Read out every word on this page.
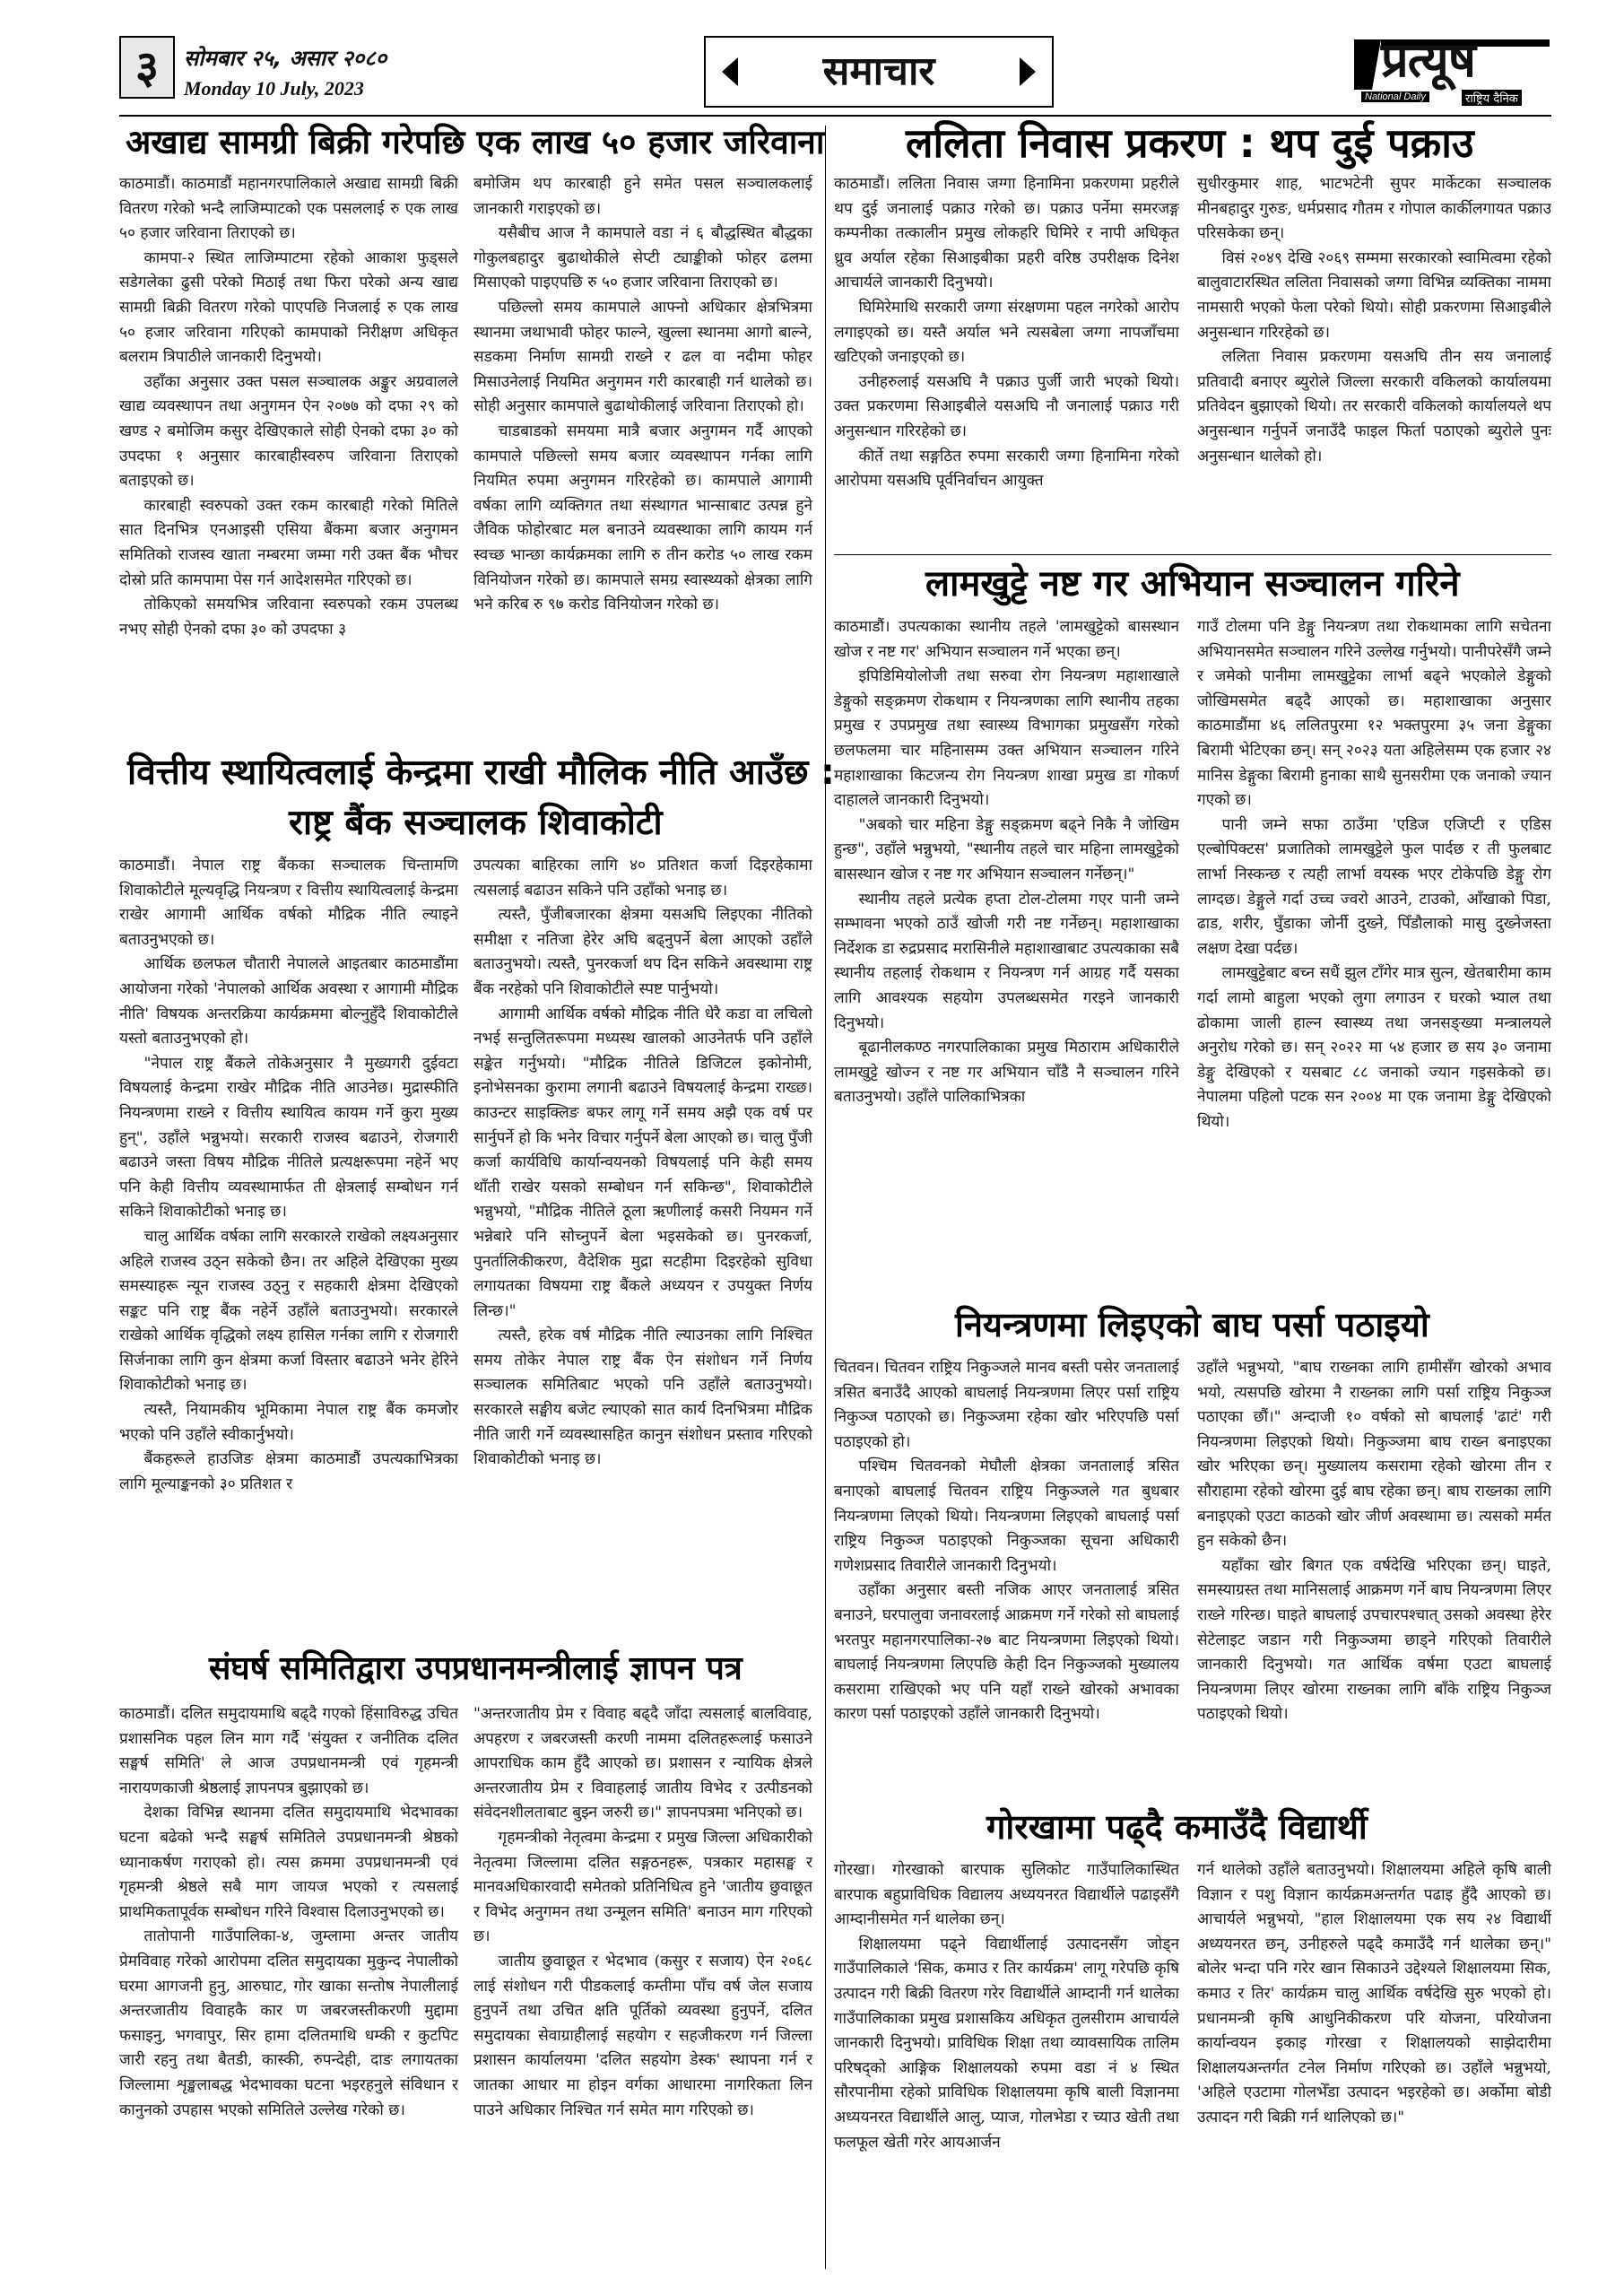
३ सोमबार २५, असार २०८०
Monday 10 July, 2023	समाचार	प्रत्यूष
National Daily	राष्ट्रिय दैनिक
अखाद्य सामग्री बिक्री गरेपछि एक लाख ५० हजार जरिवाना

काठमाडौं। काठमाडौं महानगरपालिकाले अखाद्य सामग्री बिक्री वितरण गरेको भन्दै लाजिम्पाटको एक पसललाई रु एक लाख ५० हजार जरिवाना तिराएको छ।

कामपा-२ स्थित लाजिम्पाटमा रहेको आकाश फुड्सले सडेगलेका ढुसी परेको मिठाई तथा फिरा परेको अन्य खाद्य सामग्री बिक्री वितरण गरेको पाएपछि निजलाई रु एक लाख ५० हजार जरिवाना गरिएको कामपाको निरीक्षण अधिकृत बलराम त्रिपाठीले जानकारी दिनुभयो।

उहाँका अनुसार उक्त पसल सञ्चालक अङ्कुर अग्रवालले खाद्य व्यवस्थापन तथा अनुगमन ऐन २०७७ को दफा २९ को खण्ड २ बमोजिम कसुर देखिएकाले सोही ऐनको दफा ३० को उपदफा १ अनुसार कारबाहीस्वरुप जरिवाना तिराएको बताइएको छ।

कारबाही स्वरुपको उक्त रकम कारबाही गरेको मितिले सात दिनभित्र एनआइसी एसिया बैंकमा बजार अनुगमन समितिको राजस्व खाता नम्बरमा जम्मा गरी उक्त बैंक भौचर दोस्रो प्रति कामपामा पेस गर्न आदेशसमेत गरिएको छ।

तोकिएको समयभित्र जरिवाना स्वरुपको रकम उपलब्ध नभए सोही ऐनको दफा ३० को उपदफा ३

बमोजिम थप कारबाही हुने समेत पसल सञ्चालकलाई जानकारी गराइएको छ।

यसैबीच आज नै कामपाले वडा नं ६ बौद्धस्थित बौद्धका गोकुलबहादुर बुढाथोकीले सेप्टी ट्याङ्कीको फोहर ढलमा मिसाएको पाइएपछि रु ५० हजार जरिवाना तिराएको छ।

पछिल्लो समय कामपाले आफ्नो अधिकार क्षेत्रभित्रमा स्थानमा जथाभावी फोहर फाल्ने, खुल्ला स्थानमा आगो बाल्ने, सडकमा निर्माण सामग्री राख्ने र ढल वा नदीमा फोहर मिसाउनेलाई नियमित अनुगमन गरी कारबाही गर्न थालेको छ। सोही अनुसार कामपाले बुढाथोकीलाई जरिवाना तिराएको हो।

चाडबाडको समयमा मात्रै बजार अनुगमन गर्दै आएको कामपाले पछिल्लो समय बजार व्यवस्थापन गर्नका लागि नियमित रुपमा अनुगमन गरिरहेको छ। कामपाले आगामी वर्षका लागि व्यक्तिगत तथा संस्थागत भान्साबाट उत्पन्न हुने जैविक फोहोरबाट मल बनाउने व्यवस्थाका लागि कायम गर्न स्वच्छ भान्छा कार्यक्रमका लागि रु तीन करोड ५० लाख रकम विनियोजन गरेको छ। कामपाले समग्र स्वास्थ्यको क्षेत्रका लागि भने करिब रु ९७ करोड विनियोजन गरेको छ।

ललिता निवास प्रकरण : थप दुई पक्राउ

काठमाडौं। ललिता निवास जग्गा हिनामिना प्रकरणमा प्रहरीले थप दुई जनालाई पक्राउ गरेको छ। पक्राउ पर्नेमा समरजङ्ग कम्पनीका तत्कालीन प्रमुख लोकहरि घिमिरे र नापी अधिकृत ध्रुव अर्याल रहेका सिआइबीका प्रहरी वरिष्ठ उपरीक्षक दिनेश आचार्यले जानकारी दिनुभयो।

घिमिरेमाथि सरकारी जग्गा संरक्षणमा पहल नगरेको आरोप लगाइएको छ। यस्तै अर्याल भने त्यसबेला जग्गा नापजाँचमा खटिएको जनाइएको छ।

उनीहरुलाई यसअघि नै पक्राउ पुर्जी जारी भएको थियो। उक्त प्रकरणमा सिआइबीले यसअघि नौ जनालाई पक्राउ गरी अनुसन्धान गरिरहेको छ।

कीर्ते तथा सङ्गठित रुपमा सरकारी जग्गा हिनामिना गरेको आरोपमा यसअघि पूर्वनिर्वाचन आयुक्त

सुधीरकुमार शाह, भाटभटेनी सुपर मार्केटका सञ्चालक मीनबहादुर गुरुङ, धर्मप्रसाद गौतम र गोपाल कार्कीलगायत पक्राउ परिसकेका छन्।

विसं २०४९ देखि २०६९ सम्ममा सरकारको स्वामित्वमा रहेको बालुवाटारस्थित ललिता निवासको जग्गा विभिन्न व्यक्तिका नाममा नामसारी भएको फेला परेको थियो। सोही प्रकरणमा सिआइबीले अनुसन्धान गरिरहेको छ।

ललिता निवास प्रकरणमा यसअघि तीन सय जनालाई प्रतिवादी बनाएर ब्युरोले जिल्ला सरकारी वकिलको कार्यालयमा प्रतिवेदन बुझाएको थियो। तर सरकारी वकिलको कार्यालयले थप अनुसन्धान गर्नुपर्ने जनाउँदै फाइल फिर्ता पठाएको ब्युरोले पुनः अनुसन्धान थालेको हो।

लामखुट्टे नष्ट गर अभियान सञ्चालन गरिने

काठमाडौं। उपत्यकाका स्थानीय तहले 'लामखुट्टेको बासस्थान खोज र नष्ट गर' अभियान सञ्चालन गर्ने भएका छन्।

इपिडिमियोलोजी तथा सरुवा रोग नियन्त्रण महाशाखाले डेङ्गुको सङ्क्रमण रोकथाम र नियन्त्रणका लागि स्थानीय तहका प्रमुख र उपप्रमुख तथा स्वास्थ्य विभागका प्रमुखसँग गरेको छलफलमा चार महिनासम्म उक्त अभियान सञ्चालन गरिने महाशाखाका किटजन्य रोग नियन्त्रण शाखा प्रमुख डा गोकर्ण दाहालले जानकारी दिनुभयो।

"अबको चार महिना डेङ्गु सङ्क्रमण बढ्ने निकै नै जोखिम हुन्छ", उहाँले भन्नुभयो, "स्थानीय तहले चार महिना लामखुट्टेको बासस्थान खोज र नष्ट गर अभियान सञ्चालन गर्नेछन्।"

स्थानीय तहले प्रत्येक हप्ता टोल-टोलमा गएर पानी जम्ने सम्भावना भएको ठाउँ खोजी गरी नष्ट गर्नेछन्। महाशाखाका निर्देशक डा रुद्रप्रसाद मरासिनीले महाशाखाबाट उपत्यकाका सबै स्थानीय तहलाई रोकथाम र नियन्त्रण गर्न आग्रह गर्दै यसका लागि आवश्यक सहयोग उपलब्धसमेत गरइने जानकारी दिनुभयो।

बूढानीलकण्ठ नगरपालिकाका प्रमुख मिठाराम अधिकारीले लामखुट्टे खोज्न र नष्ट गर अभियान चाँडै नै सञ्चालन गरिने बताउनुभयो। उहाँले पालिकाभित्रका

गाउँ टोलमा पनि डेङ्गु नियन्त्रण तथा रोकथामका लागि सचेतना अभियानसमेत सञ्चालन गरिने उल्लेख गर्नुभयो। पानीपरेसँगै जम्ने र जमेको पानीमा लामखुट्टेका लार्भा बढ्ने भएकोले डेङ्गुको जोखिमसमेत बढ्दै आएको छ। महाशाखाका अनुसार काठमाडौंमा ४६ ललितपुरमा १२ भक्तपुरमा ३५ जना डेङ्गुका बिरामी भेटिएका छन्। सन् २०२३ यता अहिलेसम्म एक हजार २४ मानिस डेङ्गुका बिरामी हुनाका साथै सुनसरीमा एक जनाको ज्यान गएको छ।

पानी जम्ने सफा ठाउँमा 'एडिज एजिप्टी र एडिस एल्बोपिक्टस' प्रजातिको लामखुट्टेले फुल पार्दछ र ती फुलबाट लार्भा निस्कन्छ र त्यही लार्भा वयस्क भएर टोकेपछि डेङ्गु रोग लाग्दछ। डेङ्गुले गर्दा उच्च ज्वरो आउने, टाउको, आँखाको पिडा, ढाड, शरीर, घुँडाका जोर्नी दुख्ने, पिँडौलाको मासु दुख्नेजस्ता लक्षण देखा पर्दछ।

लामखुट्टेबाट बच्न सधैं झुल टाँगेर मात्र सुत्न, खेतबारीमा काम गर्दा लामो बाहुला भएको लुगा लगाउन र घरको भ्याल तथा ढोकामा जाली हाल्न स्वास्थ्य तथा जनसङ्ख्या मन्त्रालयले अनुरोध गरेको छ। सन् २०२२ मा ५४ हजार छ सय ३० जनामा डेङ्गु देखिएको र यसबाट ८८ जनाको ज्यान गइसकेको छ। नेपालमा पहिलो पटक सन २००४ मा एक जनामा डेङ्गु देखिएको थियो।

वित्तीय स्थायित्वलाई केन्द्रमा राखी मौलिक नीति आउँछ :
राष्ट्र बैंक सञ्चालक शिवाकोटी

काठमाडौं। नेपाल राष्ट्र बैंकका सञ्चालक चिन्तामणि शिवाकोटीले मूल्यवृद्धि नियन्त्रण र वित्तीय स्थायित्वलाई केन्द्रमा राखेर आगामी आर्थिक वर्षको मौद्रिक नीति ल्याइने बताउनुभएको छ।

आर्थिक छलफल चौतारी नेपालले आइतबार काठमाडौंमा आयोजना गरेको 'नेपालको आर्थिक अवस्था र आगामी मौद्रिक नीति' विषयक अन्तरक्रिया कार्यक्रममा बोल्नुहुँदै शिवाकोटीले यस्तो बताउनुभएको हो।

"नेपाल राष्ट्र बैंकले तोकेअनुसार नै मुख्यगरी दुईवटा विषयलाई केन्द्रमा राखेर मौद्रिक नीति आउनेछ। मुद्रास्फीति नियन्त्रणमा राख्ने र वित्तीय स्थायित्व कायम गर्ने कुरा मुख्य हुन्", उहाँले भन्नुभयो। सरकारी राजस्व बढाउने, रोजगारी बढाउने जस्ता विषय मौद्रिक नीतिले प्रत्यक्षरूपमा नहेर्ने भए पनि केही वित्तीय व्यवस्थामार्फत ती क्षेत्रलाई सम्बोधन गर्न सकिने शिवाकोटीको भनाइ छ।

चालु आर्थिक वर्षका लागि सरकारले राखेको लक्ष्यअनुसार अहिले राजस्व उठ्न सकेको छैन। तर अहिले देखिएका मुख्य समस्याहरू न्यून राजस्व उठ्नु र सहकारी क्षेत्रमा देखिएको सङ्कट पनि राष्ट्र बैंक नहेर्ने उहाँले बताउनुभयो। सरकारले राखेको आर्थिक वृद्धिको लक्ष्य हासिल गर्नका लागि र रोजगारी सिर्जनाका लागि कुन क्षेत्रमा कर्जा विस्तार बढाउने भनेर हेरिने शिवाकोटीको भनाइ छ।

त्यस्तै, नियामकीय भूमिकामा नेपाल राष्ट्र बैंक कमजोर भएको पनि उहाँले स्वीकार्नुभयो।

बैंकहरूले हाउजिङ क्षेत्रमा काठमाडौं उपत्यकाभित्रका लागि मूल्याङ्कनको ३० प्रतिशत र

उपत्यका बाहिरका लागि ४० प्रतिशत कर्जा दिइरहेकामा त्यसलाई बढाउन सकिने पनि उहाँको भनाइ छ।

त्यस्तै, पुँजीबजारका क्षेत्रमा यसअघि लिइएका नीतिको समीक्षा र नतिजा हेरेर अघि बढ्नुपर्ने बेला आएको उहाँले बताउनुभयो। त्यस्तै, पुनरकर्जा थप दिन सकिने अवस्थामा राष्ट्र बैंक नरहेको पनि शिवाकोटीले स्पष्ट पार्नुभयो।

आगामी आर्थिक वर्षको मौद्रिक नीति धेरै कडा वा लचिलो नभई सन्तुलितरूपमा मध्यस्थ खालको आउनेतर्फ पनि उहाँले सङ्केत गर्नुभयो। "मौद्रिक नीतिले डिजिटल इकोनोमी, इनोभेसनका कुरामा लगानी बढाउने विषयलाई केन्द्रमा राख्छ। काउन्टर साइक्लिङ बफर लागू गर्ने समय अझै एक वर्ष पर सार्नुपर्ने हो कि भनेर विचार गर्नुपर्ने बेला आएको छ। चालु पुँजी कर्जा कार्यविधि कार्यान्वयनको विषयलाई पनि केही समय थाँती राखेर यसको सम्बोधन गर्न सकिन्छ", शिवाकोटीले भन्नुभयो, "मौद्रिक नीतिले ठूला ऋणीलाई कसरी नियमन गर्ने भन्नेबारे पनि सोच्नुपर्ने बेला भइसकेको छ। पुनरकर्जा, पुनर्तालिकीकरण, वैदेशिक मुद्रा सटहीमा दिइरहेको सुविधा लगायतका विषयमा राष्ट्र बैंकले अध्ययन र उपयुक्त निर्णय लिन्छ।"

त्यस्तै, हरेक वर्ष मौद्रिक नीति ल्याउनका लागि निश्चित समय तोकेर नेपाल राष्ट्र बैंक ऐन संशोधन गर्ने निर्णय सञ्चालक समितिबाट भएको पनि उहाँले बताउनुभयो। सरकारले सङ्घीय बजेट ल्याएको सात कार्य दिनभित्रमा मौद्रिक नीति जारी गर्ने व्यवस्थासहित कानुन संशोधन प्रस्ताव गरिएको शिवाकोटीको भनाइ छ।

नियन्त्रणमा लिइएको बाघ पर्सा पठाइयो

चितवन। चितवन राष्ट्रिय निकुञ्जले मानव बस्ती पसेर जनतालाई त्रसित बनाउँदै आएको बाघलाई नियन्त्रणमा लिएर पर्सा राष्ट्रिय निकुञ्ज पठाएको छ। निकुञ्जमा रहेका खोर भरिएपछि पर्सा पठाइएको हो।

पश्चिम चितवनको मेघौली क्षेत्रका जनतालाई त्रसित बनाएको बाघलाई चितवन राष्ट्रिय निकुञ्जले गत बुधबार नियन्त्रणमा लिएको थियो। नियन्त्रणमा लिइएको बाघलाई पर्सा राष्ट्रिय निकुञ्ज पठाइएको निकुञ्जका सूचना अधिकारी गणेशप्रसाद तिवारीले जानकारी दिनुभयो।

उहाँका अनुसार बस्ती नजिक आएर जनतालाई त्रसित बनाउने, घरपालुवा जनावरलाई आक्रमण गर्ने गरेको सो बाघलाई भरतपुर महानगरपालिका-२७ बाट नियन्त्रणमा लिइएको थियो। बाघलाई नियन्त्रणमा लिएपछि केही दिन निकुञ्जको मुख्यालय कसरामा राखिएको भए पनि यहाँ राख्ने खोरको अभावका कारण पर्सा पठाइएको उहाँले जानकारी दिनुभयो।

उहाँले भन्नुभयो, "बाघ राख्नका लागि हामीसँग खोरको अभाव भयो, त्यसपछि खोरमा नै राख्नका लागि पर्सा राष्ट्रिय निकुञ्ज पठाएका छौं।" अन्दाजी १० वर्षको सो बाघलाई 'ढाटं' गरी नियन्त्रणमा लिइएको थियो। निकुञ्जमा बाघ राख्न बनाइएका खोर भरिएका छन्। मुख्यालय कसरामा रहेको खोरमा तीन र सौराहामा रहेको खोरमा दुई बाघ रहेका छन्। बाघ राख्नका लागि बनाइएको एउटा काठको खोर जीर्ण अवस्थामा छ। त्यसको मर्मत हुन सकेको छैन।

यहाँका खोर बिगत एक वर्षदेखि भरिएका छन्। घाइते, समस्याग्रस्त तथा मानिसलाई आक्रमण गर्ने बाघ नियन्त्रणमा लिएर राख्ने गरिन्छ। घाइते बाघलाई उपचारपश्चात् उसको अवस्था हेरेर सेटेलाइट जडान गरी निकुञ्जमा छाड्ने गरिएको तिवारीले जानकारी दिनुभयो। गत आर्थिक वर्षमा एउटा बाघलाई नियन्त्रणमा लिएर खोरमा राख्नका लागि बाँके राष्ट्रिय निकुञ्ज पठाइएको थियो।

संघर्ष समितिद्वारा उपप्रधानमन्त्रीलाई ज्ञापन पत्र

काठमाडौं। दलित समुदायमाथि बढ्दै गएको हिंसाविरुद्ध उचित प्रशासनिक पहल लिन माग गर्दै 'संयुक्त र जनीतिक दलित सङ्घर्ष समिति' ले आज उपप्रधानमन्त्री एवं गृहमन्त्री नारायणकाजी श्रेष्ठलाई ज्ञापनपत्र बुझाएको छ।

देशका विभिन्न स्थानमा दलित समुदायमाथि भेदभावका घटना बढेको भन्दै सङ्घर्ष समितिले उपप्रधानमन्त्री श्रेष्ठको ध्यानाकर्षण गराएको हो। त्यस क्रममा उपप्रधानमन्त्री एवं गृहमन्त्री श्रेष्ठले सबै माग जायज भएको र त्यसलाई प्राथमिकतापूर्वक सम्बोधन गरिने विश्वास दिलाउनुभएको छ।

तातोपानी गाउँपालिका-४, जुम्लामा अन्तर जातीय प्रेमविवाह गरेको आरोपमा दलित समुदायका मुकुन्द नेपालीको घरमा आगजनी हुनु, आरुघाट, गोर खाका सन्तोष नेपालीलाई अन्तरजातीय विवाहकै कार ण जबरजस्तीकरणी मुद्दामा फसाइनु, भगवापुर, सिर हामा दलितमाथि धम्की र कुटपिट जारी रहनु तथा बैतडी, कास्की, रुपन्देही, दाङ लगायतका जिल्लामा शृङ्खलाबद्ध भेदभावका घटना भइरहनुले संविधान र कानुनको उपहास भएको समितिले उल्लेख गरेको छ।

"अन्तरजातीय प्रेम र विवाह बढ्दै जाँदा त्यसलाई बालविवाह, अपहरण र जबरजस्ती करणी नाममा दलितहरूलाई फसाउने आपराधिक काम हुँदै आएको छ। प्रशासन र न्यायिक क्षेत्रले अन्तरजातीय प्रेम र विवाहलाई जातीय विभेद र उत्पीडनको संवेदनशीलताबाट बुझ्न जरुरी छ।" ज्ञापनपत्रमा भनिएको छ।

गृहमन्त्रीको नेतृत्वमा केन्द्रमा र प्रमुख जिल्ला अधिकारीको नेतृत्वमा जिल्लामा दलित सङ्गठनहरू, पत्रकार महासङ्घ र मानवअधिकारवादी समेतको प्रतिनिधित्व हुने 'जातीय छुवाछूत र विभेद अनुगमन तथा उन्मूलन समिति' बनाउन माग गरिएको छ।

जातीय छुवाछूत र भेदभाव (कसुर र सजाय) ऐन २०६८ लाई संशोधन गरी पीडकलाई कम्तीमा पाँच वर्ष जेल सजाय हुनुपर्ने तथा उचित क्षति पूर्तिको व्यवस्था हुनुपर्ने, दलित समुदायका सेवाग्राहीलाई सहयोग र सहजीकरण गर्न जिल्ला प्रशासन कार्यालयमा 'दलित सहयोग डेस्क' स्थापना गर्न र जातका आधार मा होइन वर्गका आधारमा नागरिकता लिन पाउने अधिकार निश्चित गर्न समेत माग गरिएको छ।

गोरखामा पढ्दै कमाउँदै विद्यार्थी

गोरखा। गोरखाको बारपाक सुलिकोट गाउँपालिकास्थित बारपाक बहुप्राविधिक विद्यालय अध्ययनरत विद्यार्थीले पढाइसँगै आम्दानीसमेत गर्न थालेका छन्।

शिक्षालयमा पढ्ने विद्यार्थीलाई उत्पादनसँग जोड्न गाउँपालिकाले 'सिक, कमाउ र तिर कार्यक्रम' लागू गरेपछि कृषि उत्पादन गरी बिक्री वितरण गरेर विद्यार्थीले आम्दानी गर्न थालेका गाउँपालिकाका प्रमुख प्रशासकिय अधिकृत तुलसीराम आचार्यले जानकारी दिनुभयो। प्राविधिक शिक्षा तथा व्यावसायिक तालिम परिषद्को आङ्गिक शिक्षालयको रुपमा वडा नं ४ स्थित सौरपानीमा रहेको प्राविधिक शिक्षालयमा कृषि बाली विज्ञानमा अध्ययनरत विद्यार्थीले आलु, प्याज, गोलभेडा र च्याउ खेती तथा फलफूल खेती गरेर आयआर्जन

गर्न थालेको उहाँले बताउनुभयो। शिक्षालयमा अहिले कृषि बाली विज्ञान र पशु विज्ञान कार्यक्रमअन्तर्गत पढाइ हुँदै आएको छ। आचार्यले भन्नुभयो, "हाल शिक्षालयमा एक सय २४ विद्यार्थी अध्ययनरत छन्, उनीहरुले पढ्दै कमाउँदै गर्न थालेका छन्।" बोलेर भन्दा पनि गरेर खान सिकाउने उद्देश्यले शिक्षालयमा सिक, कमाउ र तिर' कार्यक्रम चालु आर्थिक वर्षदेखि सुरु भएको हो। प्रधानमन्त्री कृषि आधुनिकीकरण परि योजना, परियोजना कार्यान्वयन इकाइ गोरखा र शिक्षालयको साझेदारीमा शिक्षालयअन्तर्गत टनेल निर्माण गरिएको छ। उहाँले भन्नुभयो, 'अहिले एउटामा गोलभेँडा उत्पादन भइरहेको छ। अर्कोमा बोडी उत्पादन गरी बिक्री गर्न थालिएको छ।"
